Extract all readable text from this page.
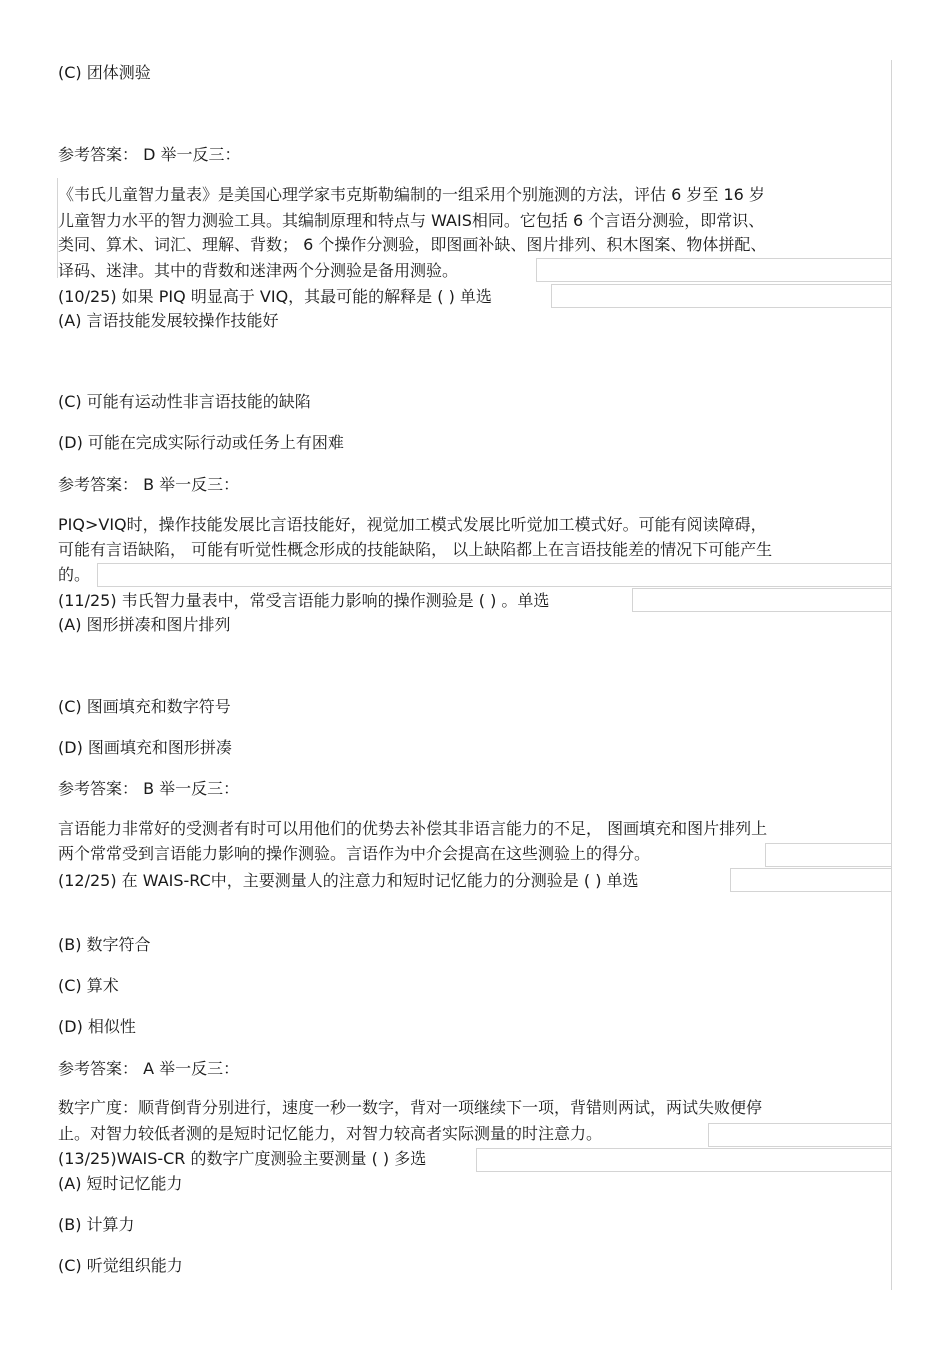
(C) 团体测验
参考答案： D 举一反三：
《韦氏儿童智力量表》是美国心理学家韦克斯勒编制的一组采用个别施测的方法，评估 6 岁至 16 岁
儿童智力水平的智力测验工具。其编制原理和特点与 WAIS相同。它包括 6 个言语分测验，即常识、
类同、算术、词汇、理解、背数； 6 个操作分测验，即图画补缺、图片排列、积木图案、物体拼配、
译码、迷津。其中的背数和迷津两个分测验是备用测验。
(10/25) 如果 PIQ 明显高于 VIQ，其最可能的解释是 ( ) 单选
(A) 言语技能发展较操作技能好
(C) 可能有运动性非言语技能的缺陷
(D) 可能在完成实际行动或任务上有困难
参考答案： B 举一反三：
PIQ>VIQ时，操作技能发展比言语技能好，视觉加工模式发展比听觉加工模式好。可能有阅读障碍，
可能有言语缺陷， 可能有听觉性概念形成的技能缺陷， 以上缺陷都上在言语技能差的情况下可能产生
的。
(11/25) 韦氏智力量表中，常受言语能力影响的操作测验是 ( ) 。单选
(A) 图形拼凑和图片排列
(C) 图画填充和数字符号
(D) 图画填充和图形拼凑
参考答案： B 举一反三：
言语能力非常好的受测者有时可以用他们的优势去补偿其非语言能力的不足， 图画填充和图片排列上
两个常常受到言语能力影响的操作测验。言语作为中介会提高在这些测验上的得分。
(12/25) 在 WAIS-RC中，主要测量人的注意力和短时记忆能力的分测验是 ( ) 单选
(B) 数字符合
(C) 算术
(D) 相似性
参考答案： A 举一反三：
数字广度：顺背倒背分别进行，速度一秒一数字，背对一项继续下一项，背错则两试，两试失败便停
止。对智力较低者测的是短时记忆能力，对智力较高者实际测量的时注意力。
(13/25)WAIS-CR 的数字广度测验主要测量 ( ) 多选
(A) 短时记忆能力
(B) 计算力
(C) 听觉组织能力
